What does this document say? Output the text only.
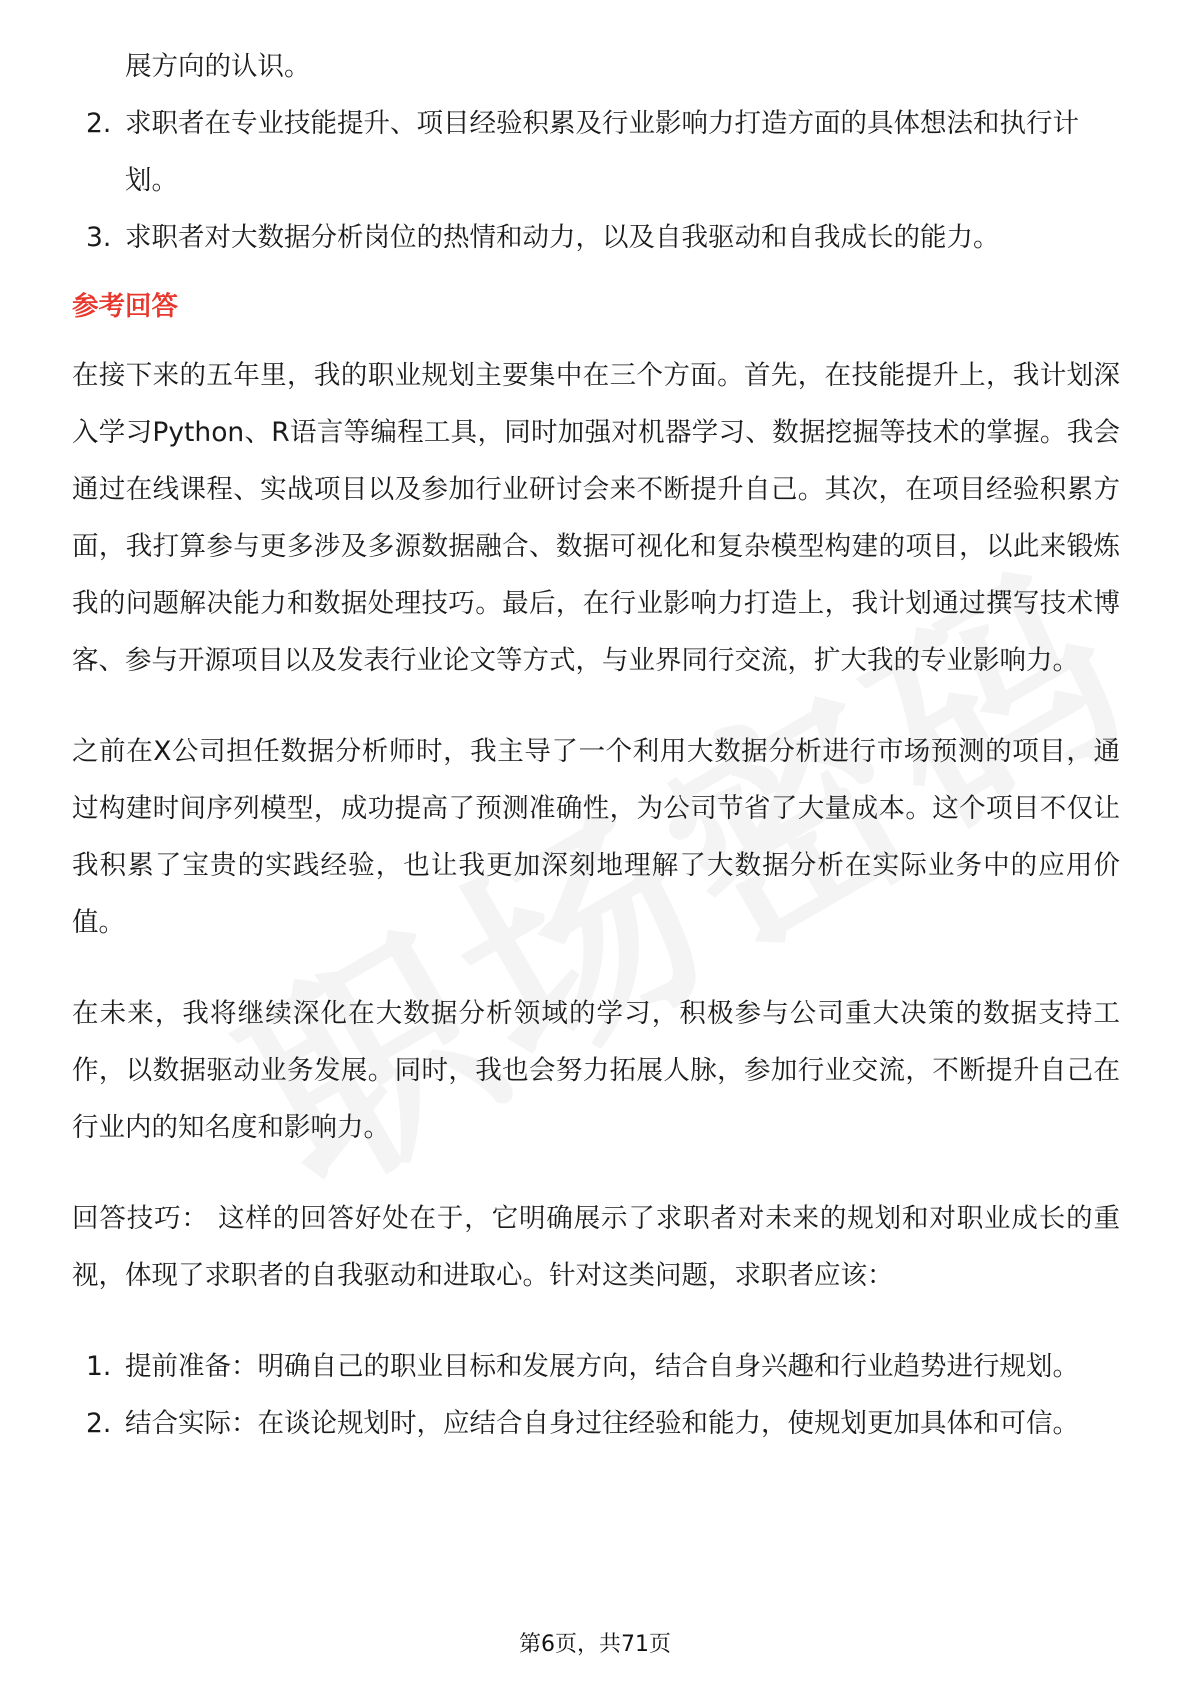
展方向的认识。
2. 求职者在专业技能提升、项目经验积累及行业影响力打造方面的具体想法和执行计划。
3. 求职者对大数据分析岗位的热情和动力，以及自我驱动和自我成长的能力。
参考回答

在接下来的五年里，我的职业规划主要集中在三个方面。首先，在技能提升上，我计划深入学习Python、R语言等编程工具，同时加强对机器学习、数据挖掘等技术的掌握。我会通过在线课程、实战项目以及参加行业研讨会来不断提升自己。其次，在项目经验积累方面，我打算参与更多涉及多源数据融合、数据可视化和复杂模型构建的项目，以此来锻炼我的问题解决能力和数据处理技巧。最后，在行业影响力打造上，我计划通过撰写技术博客、参与开源项目以及发表行业论文等方式，与业界同行交流，扩大我的专业影响力。

之前在X公司担任数据分析师时，我主导了一个利用大数据分析进行市场预测的项目，通过构建时间序列模型，成功提高了预测准确性，为公司节省了大量成本。这个项目不仅让我积累了宝贵的实践经验，也让我更加深刻地理解了大数据分析在实际业务中的应用价值。

在未来，我将继续深化在大数据分析领域的学习，积极参与公司重大决策的数据支持工作，以数据驱动业务发展。同时，我也会努力拓展人脉，参加行业交流，不断提升自己在行业内的知名度和影响力。

回答技巧： 这样的回答好处在于，它明确展示了求职者对未来的规划和对职业成长的重视，体现了求职者的自我驱动和进取心。针对这类问题，求职者应该：

1. 提前准备：明确自己的职业目标和发展方向，结合自身兴趣和行业趋势进行规划。
2. 结合实际：在谈论规划时，应结合自身过往经验和能力，使规划更加具体和可信。
第6页，共71页
